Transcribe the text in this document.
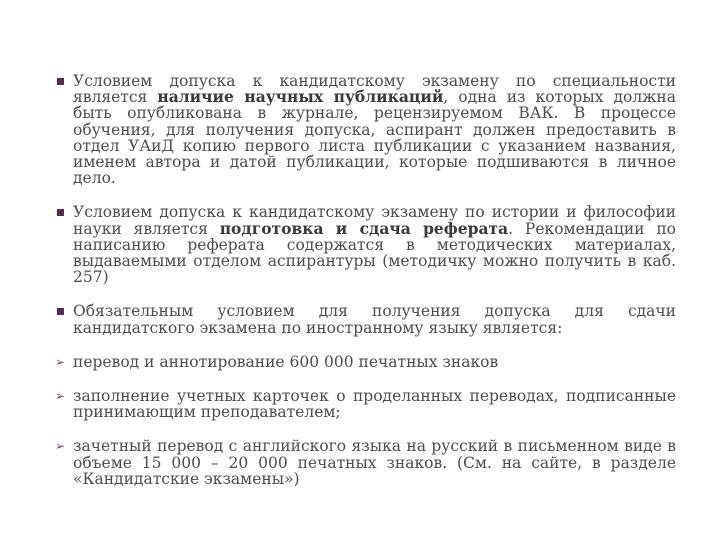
Условием допуска к кандидатскому экзамену по специальности является наличие научных публикаций, одна из которых должна быть опубликована в журнале, рецензируемом ВАК. В процессе обучения, для получения допуска, аспирант должен предоставить в отдел УАиД копию первого листа публикации с указанием названия, именем автора и датой публикации, которые подшиваются в личное дело.
Условием допуска к кандидатскому экзамену по истории и философии науки является подготовка и сдача реферата. Рекомендации по написанию реферата содержатся в методических материалах, выдаваемыми отделом аспирантуры (методичку можно получить в каб. 257)
Обязательным условием для получения допуска для сдачи кандидатского экзамена по иностранному языку является:
➢ перевод и аннотирование 600 000 печатных знаков
➢ заполнение учетных карточек о проделанных переводах, подписанные принимающим преподавателем;
➢ зачетный перевод с английского языка на русский в письменном виде в объеме 15 000 – 20 000 печатных знаков. (См. на сайте, в разделе «Кандидатские экзамены»)
